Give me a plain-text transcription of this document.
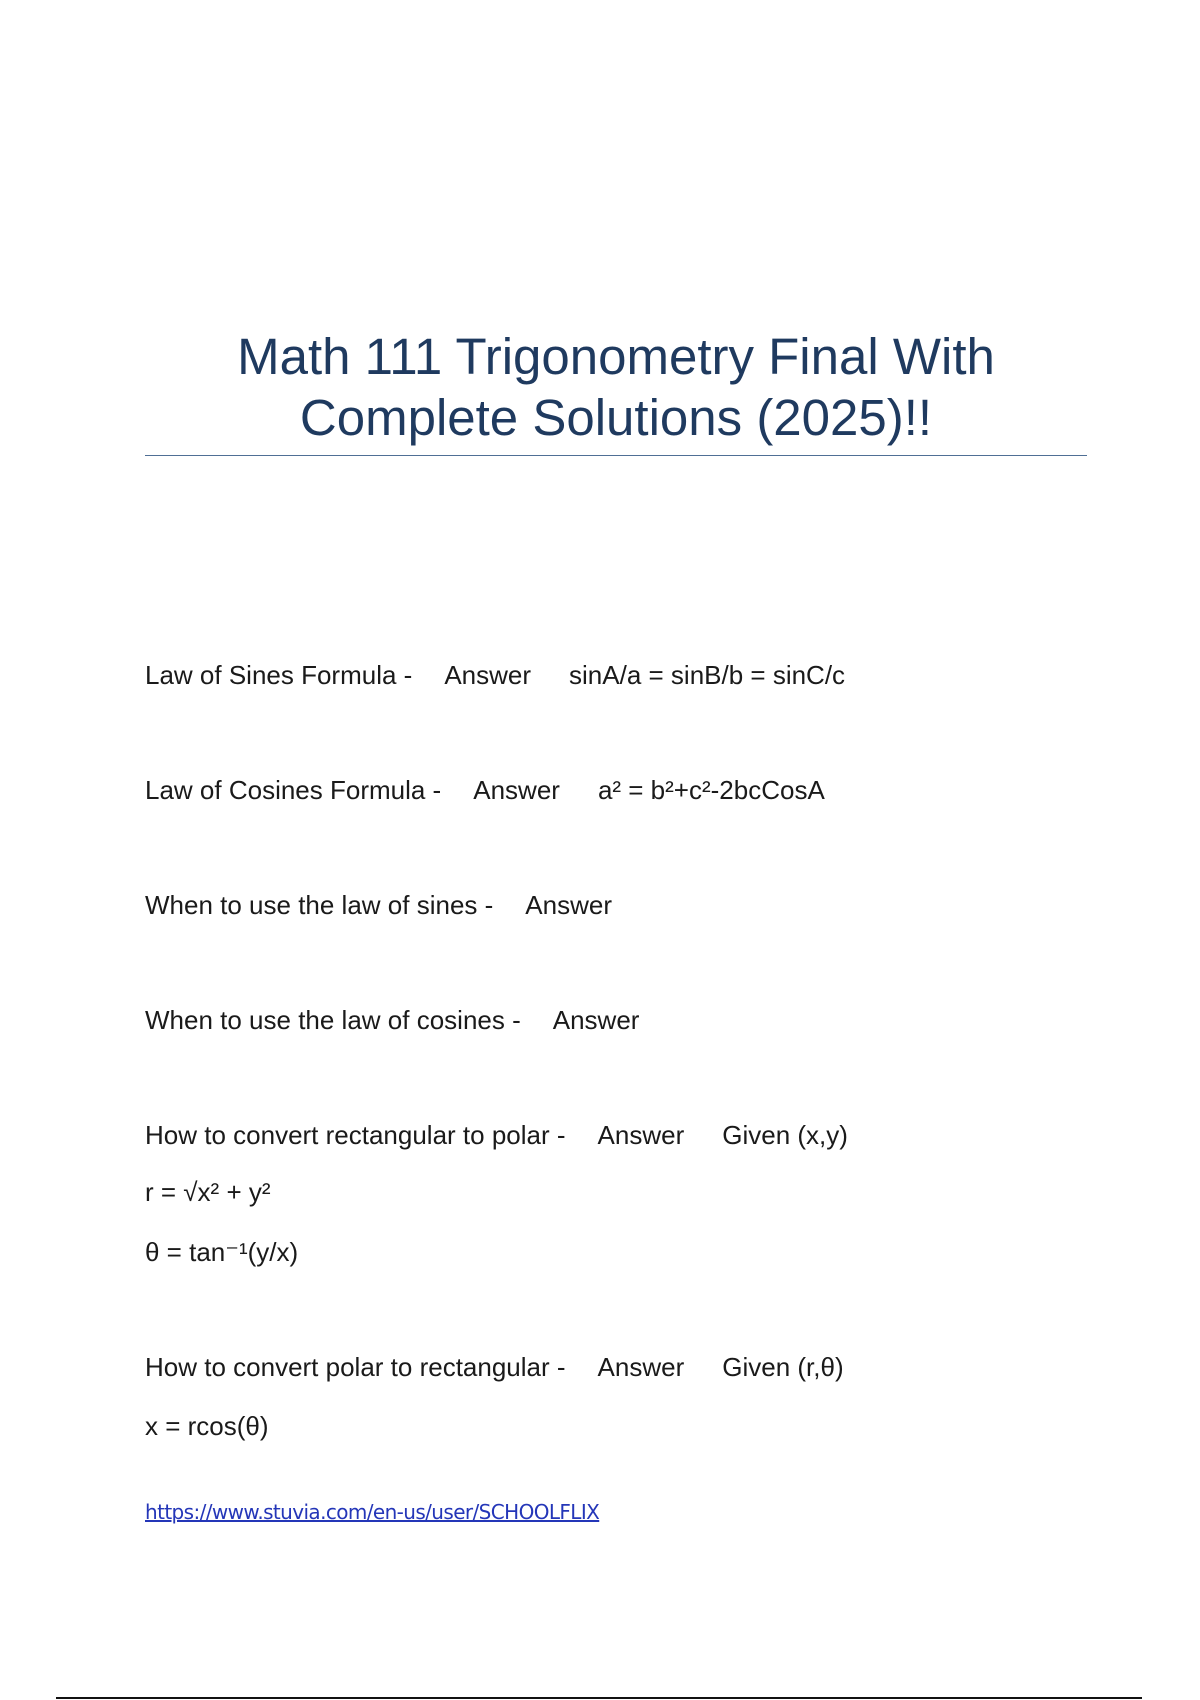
Math 111 Trigonometry Final With
Complete Solutions (2025)!!
Law of Sines Formula - Answer sinA/a = sinB/b = sinC/c
Law of Cosines Formula - Answer a² = b²+c²-2bcCosA
When to use the law of sines - Answer
When to use the law of cosines - Answer
How to convert rectangular to polar - Answer Given (x,y)
r = √x² + y²
θ = tan⁻¹(y/x)
How to convert polar to rectangular - Answer Given (r,θ)
x = rcos(θ)
https://www.stuvia.com/en-us/user/SCHOOLFLIX
